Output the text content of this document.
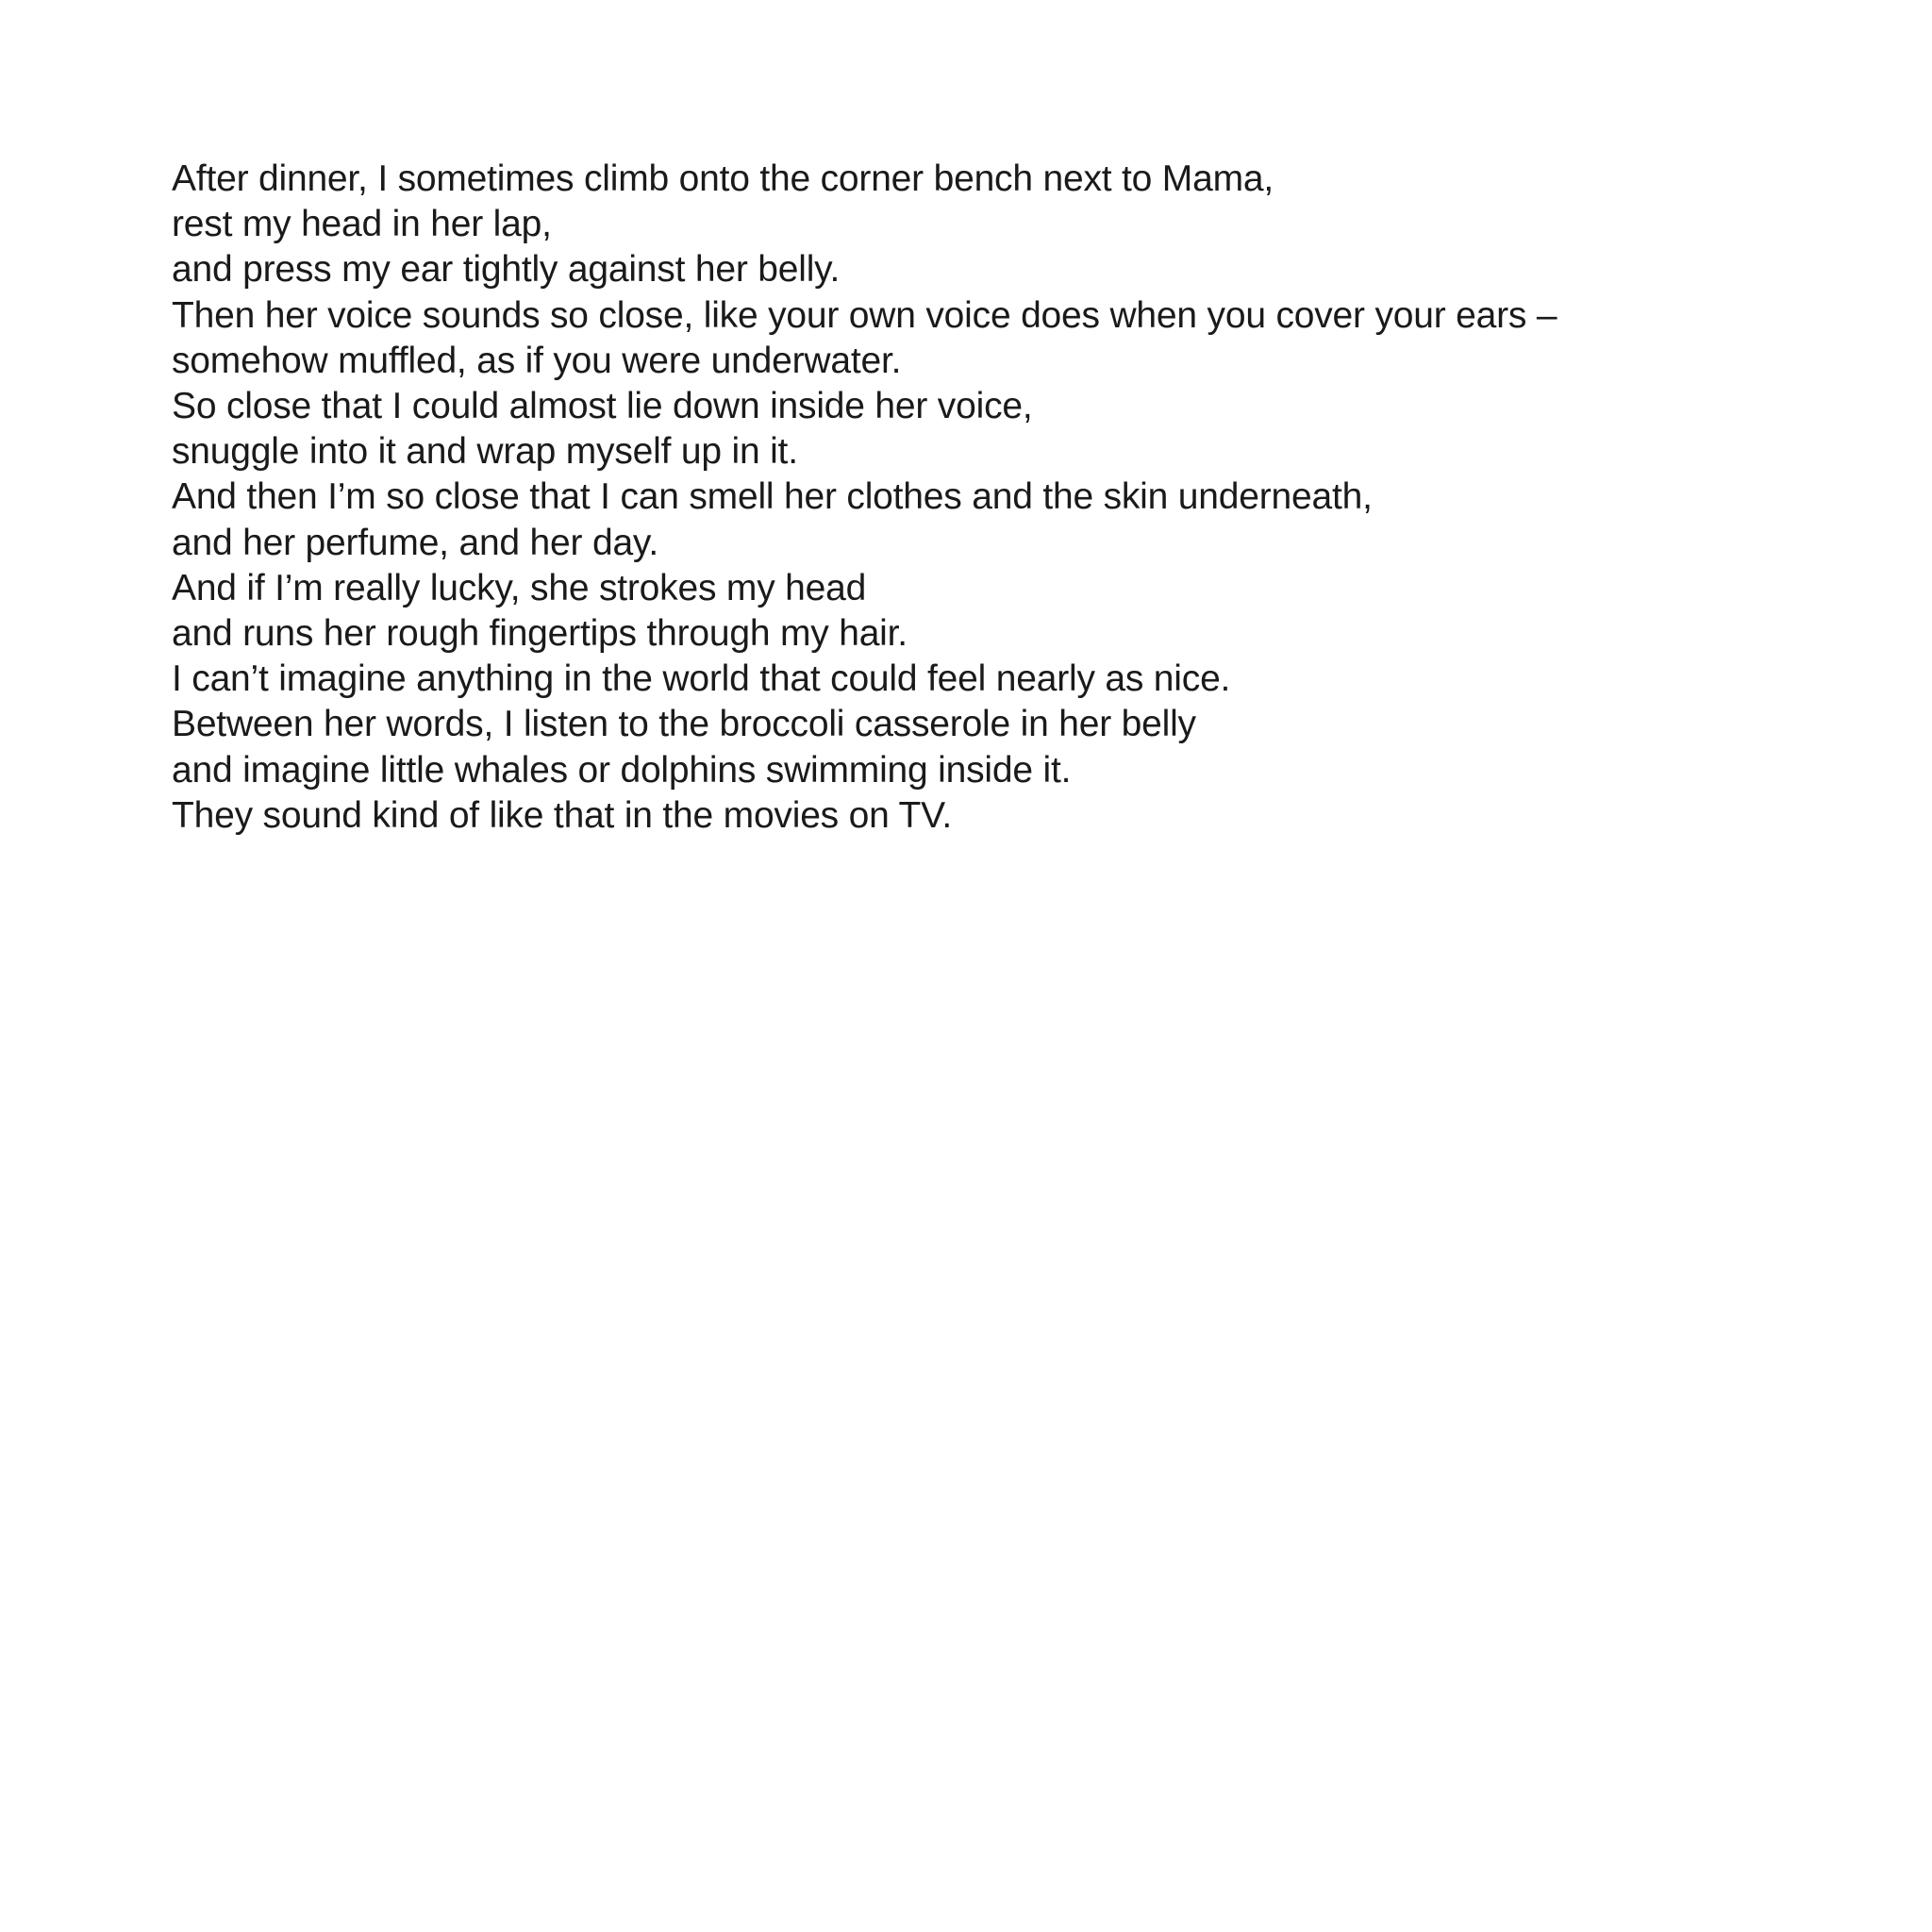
After dinner, I sometimes climb onto the corner bench next to Mama,
rest my head in her lap,
and press my ear tightly against her belly.
Then her voice sounds so close, like your own voice does when you cover your ears –
somehow muffled, as if you were underwater.
So close that I could almost lie down inside her voice,
snuggle into it and wrap myself up in it.
And then I’m so close that I can smell her clothes and the skin underneath,
and her perfume, and her day.
And if I’m really lucky, she strokes my head
and runs her rough fingertips through my hair.
I can’t imagine anything in the world that could feel nearly as nice.
Between her words, I listen to the broccoli casserole in her belly
and imagine little whales or dolphins swimming inside it.
They sound kind of like that in the movies on TV.
